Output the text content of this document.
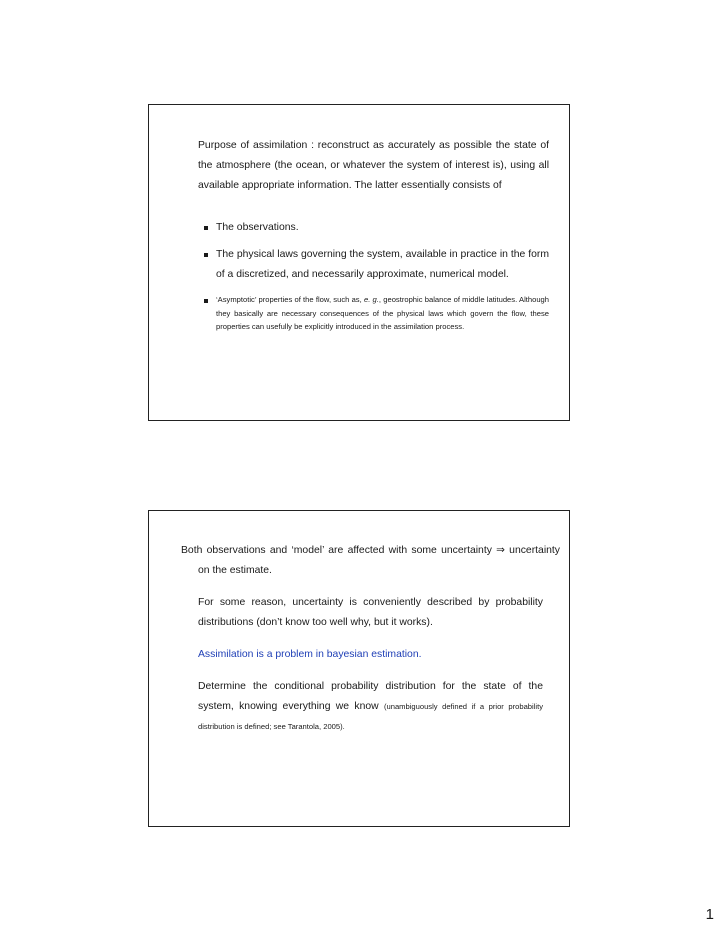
Purpose of assimilation : reconstruct as accurately as possible the state of the atmosphere (the ocean, or whatever the system of interest is), using all available appropriate information. The latter essentially consists of
The observations.
The physical laws governing the system, available in practice in the form of a discretized, and necessarily approximate, numerical model.
‘Asymptotic’ properties of the flow, such as, e. g., geostrophic balance of middle latitudes. Although they basically are necessary consequences of the physical laws which govern the flow, these properties can usefully be explicitly introduced in the assimilation process.
Both observations and ‘model’ are affected with some uncertainty ⇒ uncertainty on the estimate.
For some reason, uncertainty is conveniently described by probability distributions (don’t know too well why, but it works).
Assimilation is a problem in bayesian estimation.
Determine the conditional probability distribution for the state of the system, knowing everything we know (unambiguously defined if a prior probability distribution is defined; see Tarantola, 2005).
1
